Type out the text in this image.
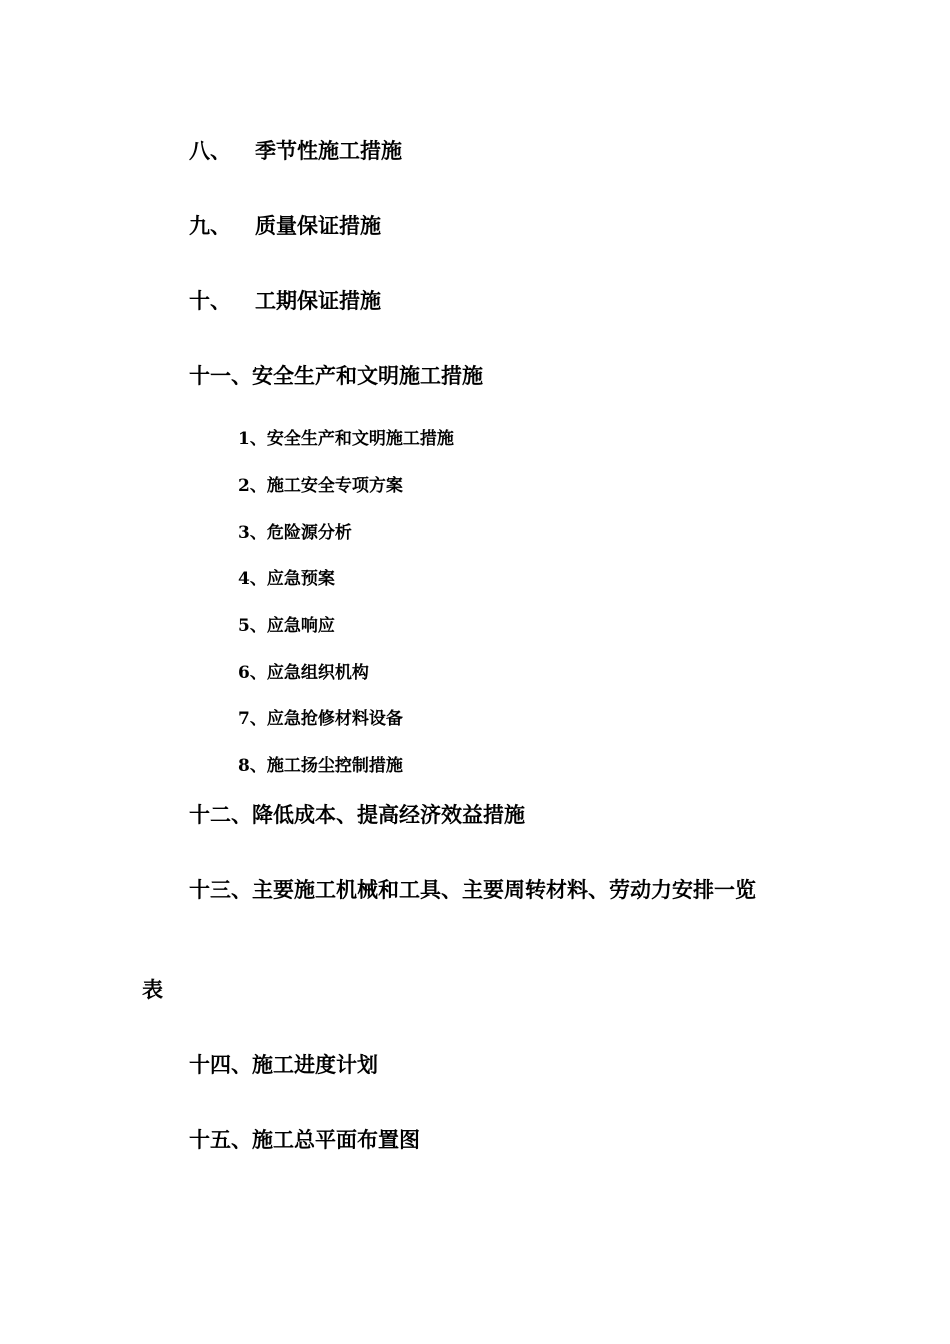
八、 季节性施工措施
九、 质量保证措施
十、 工期保证措施
十一、安全生产和文明施工措施
1、安全生产和文明施工措施
2、施工安全专项方案
3、危险源分析
4、应急预案
5、应急响应
6、应急组织机构
7、应急抢修材料设备
8、施工扬尘控制措施
十二、降低成本、提高经济效益措施
十三、主要施工机械和工具、主要周转材料、劳动力安排一览
表
十四、施工进度计划
十五、施工总平面布置图
